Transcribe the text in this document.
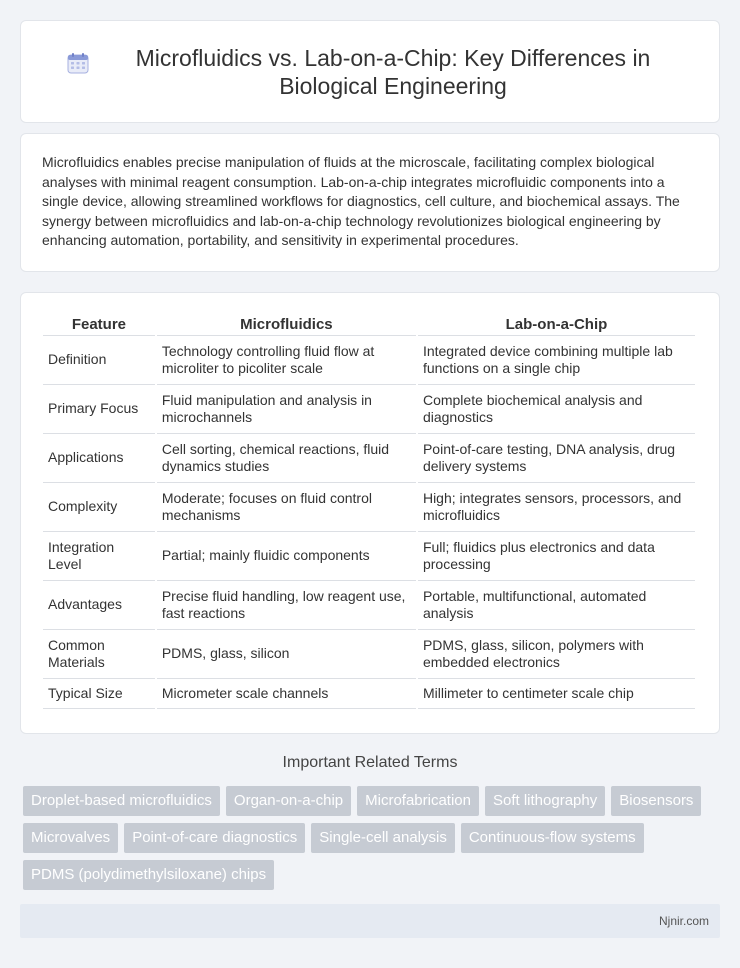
Microfluidics vs. Lab-on-a-Chip: Key Differences in Biological Engineering

Microfluidics enables precise manipulation of fluids at the microscale, facilitating complex biological analyses with minimal reagent consumption. Lab-on-a-chip integrates microfluidic components into a single device, allowing streamlined workflows for diagnostics, cell culture, and biochemical assays. The synergy between microfluidics and lab-on-a-chip technology revolutionizes biological engineering by enhancing automation, portability, and sensitivity in experimental procedures.

Feature	Microfluidics	Lab-on-a-Chip
Definition	Technology controlling fluid flow at microliter to picoliter scale	Integrated device combining multiple lab functions on a single chip
Primary Focus	Fluid manipulation and analysis in microchannels	Complete biochemical analysis and diagnostics
Applications	Cell sorting, chemical reactions, fluid dynamics studies	Point-of-care testing, DNA analysis, drug delivery systems
Complexity	Moderate; focuses on fluid control mechanisms	High; integrates sensors, processors, and microfluidics
Integration Level	Partial; mainly fluidic components	Full; fluidics plus electronics and data processing
Advantages	Precise fluid handling, low reagent use, fast reactions	Portable, multifunctional, automated analysis
Common Materials	PDMS, glass, silicon	PDMS, glass, silicon, polymers with embedded electronics
Typical Size	Micrometer scale channels	Millimeter to centimeter scale chip
Important Related Terms
Droplet-based microfluidics	Organ-on-a-chip	Microfabrication	Soft lithography	Biosensors
Microvalves	Point-of-care diagnostics	Single-cell analysis	Continuous-flow systems
PDMS (polydimethylsiloxane) chips
Njnir.com
